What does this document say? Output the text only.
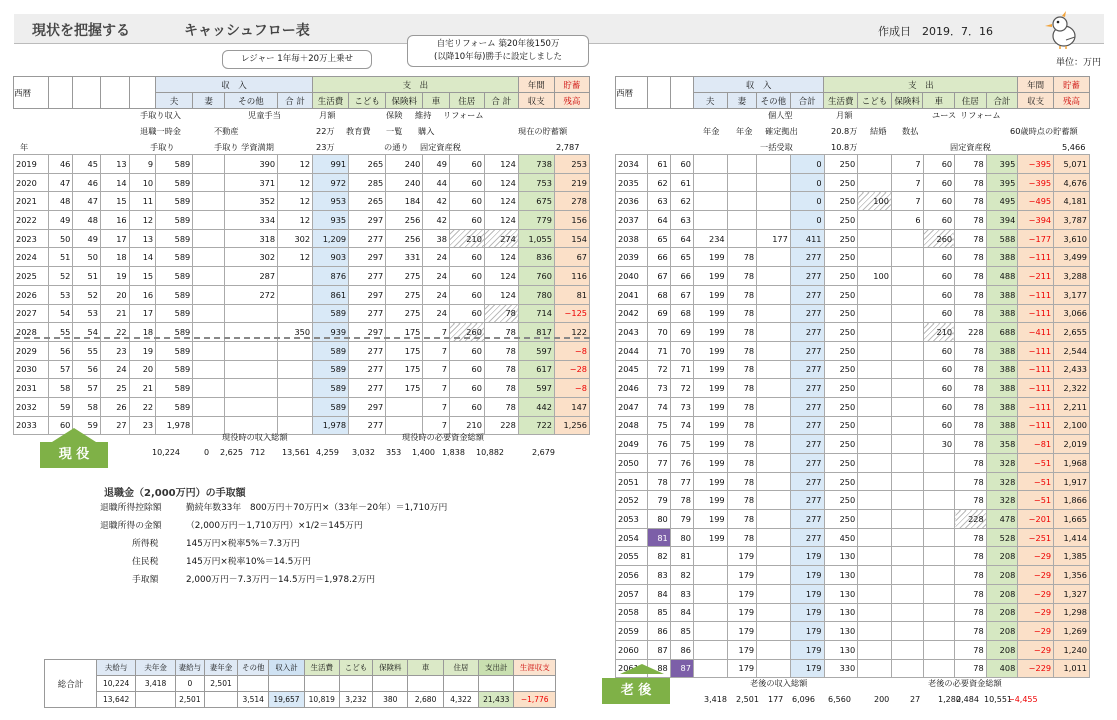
現状を把握する	キャッシュフロー表	作成日　2019．7．16
レジャー 1年毎＋20万上乗せ
自宅リフォーム 築20年後150万
(以降10年毎)勝手に設定しました
単位：万円
西暦					収　入				支　出						年間	貯蓄
					夫	妻	その他	合 計	生活費	こども	保険料	車	住居	合 計	収支	残高
手取り収入
退職一時金
手取り
児童手当
不動産
手取り 学資満期
月額
22万
23万
教育費
保険
一覧
の通り
維持
購入
リフォーム
固定資産税
現在の貯蓄額
2,787
年
2019	46	45	13	9	589		390	12	991	265	240	49	60	124	738	253	
2020	47	46	14	10	589		371	12	972	285	240	44	60	124	753	219	
2021	48	47	15	11	589		352	12	953	265	184	42	60	124	675	278	
2022	49	48	16	12	589		334	12	935	297	256	42	60	124	779	156	
2023	50	49	17	13	589		318	302	1,209	277	256	38	210	274	1,055	154	
2024	51	50	18	14	589		302	12	903	297	331	24	60	124	836	67	
2025	52	51	19	15	589		287		876	277	275	24	60	124	760	116	
2026	53	52	20	16	589		272		861	297	275	24	60	124	780	81	
2027	54	53	21	17	589				589	277	275	24	60	78	714	−125	
2028	55	54	22	18	589			350	939	297	175	7	260	78	817	122	
2029	56	55	23	19	589				589	277	175	7	60	78	597	−8	
2030	57	56	24	20	589				589	277	175	7	60	78	617	−28	
2031	58	57	25	21	589				589	277	175	7	60	78	597	−8	
2032	59	58	26	22	589				589	297		7	60	78	442	147	
2033	60	59	27	23	1,978				1,978	277		7	210	228	722	1,256	
現 役
現役時の収入総額	現役時の必要資金総額
10,224	0 2,625 712 13,561 4,259 3,032 353 1,400 1,838 10,882	2,679
退職金（2,000万円）の手取額
退職所得控除額	勤続年数33年　800万円＋70万円×（33年－20年）＝1,710万円
退職所得の金額	（2,000万円－1,710万円）×1/2＝145万円
所得税	145万円×税率5%＝7.3万円
住民税	145万円×税率10%＝14.5万円
手取額	2,000万円－7.3万円－14.5万円＝1,978.2万円
総合計	夫給与	夫年金	妻給与	妻年金	その他	収入計	生活費	こども	保険料	車	住居	支出計	生涯収支
	10,224	3,418	0	2,501									
	13,642		2,501		3,514	19,657	10,819	3,232	380	2,680	4,322	21,433	−1,776
西暦			収　入				支　出						年間	貯蓄
			夫	妻	その他	合計	生活費	こども	保険料	車	住居	合計	収支	残高
個人型
年金 年金 確定拠出
一括受取
月額
20.8万
10.8万
結婚 数払
ユース リフォーム
固定資産税
60歳時点の貯蓄額
5,466
2034	61	60				0	250		7	60	78	395	−395	5,071
2035	62	61				0	250		7	60	78	395	−395	4,676
2036	63	62				0	250	100	7	60	78	495	−495	4,181
2037	64	63				0	250		6	60	78	394	−394	3,787
2038	65	64	234		177	411	250			260	78	588	−177	3,610
2039	66	65	199	78		277	250			60	78	388	−111	3,499
2040	67	66	199	78		277	250	100		60	78	488	−211	3,288
2041	68	67	199	78		277	250			60	78	388	−111	3,177
2042	69	68	199	78		277	250			60	78	388	−111	3,066
2043	70	69	199	78		277	250			210	228	688	−411	2,655
2044	71	70	199	78		277	250			60	78	388	−111	2,544
2045	72	71	199	78		277	250			60	78	388	−111	2,433
2046	73	72	199	78		277	250			60	78	388	−111	2,322
2047	74	73	199	78		277	250			60	78	388	−111	2,211
2048	75	74	199	78		277	250			60	78	388	−111	2,100
2049	76	75	199	78		277	250			30	78	358	−81	2,019
2050	77	76	199	78		277	250				78	328	−51	1,968
2051	78	77	199	78		277	250				78	328	−51	1,917
2052	79	78	199	78		277	250				78	328	−51	1,866
2053	80	79	199	78		277	250				228	478	−201	1,665
2054	81	80	199	78		277	450				78	528	−251	1,414
2055	82	81		179		179	130				78	208	−29	1,385
2056	83	82		179		179	130				78	208	−29	1,356
2057	84	83		179		179	130				78	208	−29	1,327
2058	85	84		179		179	130				78	208	−29	1,298
2059	86	85		179		179	130				78	208	−29	1,269
2060	87	86		179		179	130				78	208	−29	1,240
2061	88	87		179		179	330				78	408	−229	1,011
老 後	老後の収入総額	老後の必要資金総額
3,418 2,501 177 6,096 6,560	200	27 1,280
2,484 10,551
−4,455
